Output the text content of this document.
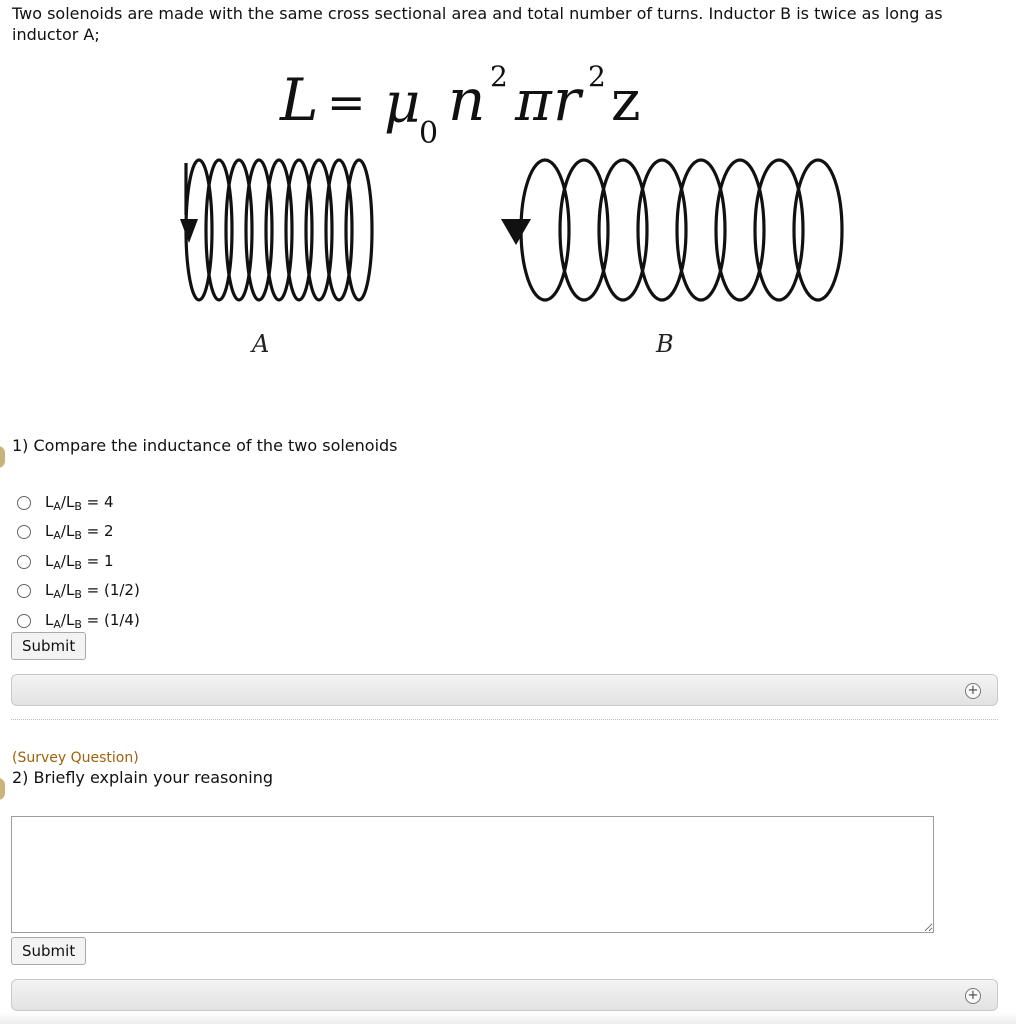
Two solenoids are made with the same cross sectional area and total number of turns. Inductor B is twice as long as inductor A;
L = μ
0 n 2 π r 2 z
A	B
1) Compare the inductance of the two solenoids
$L_A/L_B = 4$
$L_A/L_B = 2$
$L_A/L_B = 1$
$L_A/L_B = (1/2)$
$L_A/L_B = (1/4)$
Submit
+
(Survey Question)
2) Briefly explain your reasoning
Submit
+
